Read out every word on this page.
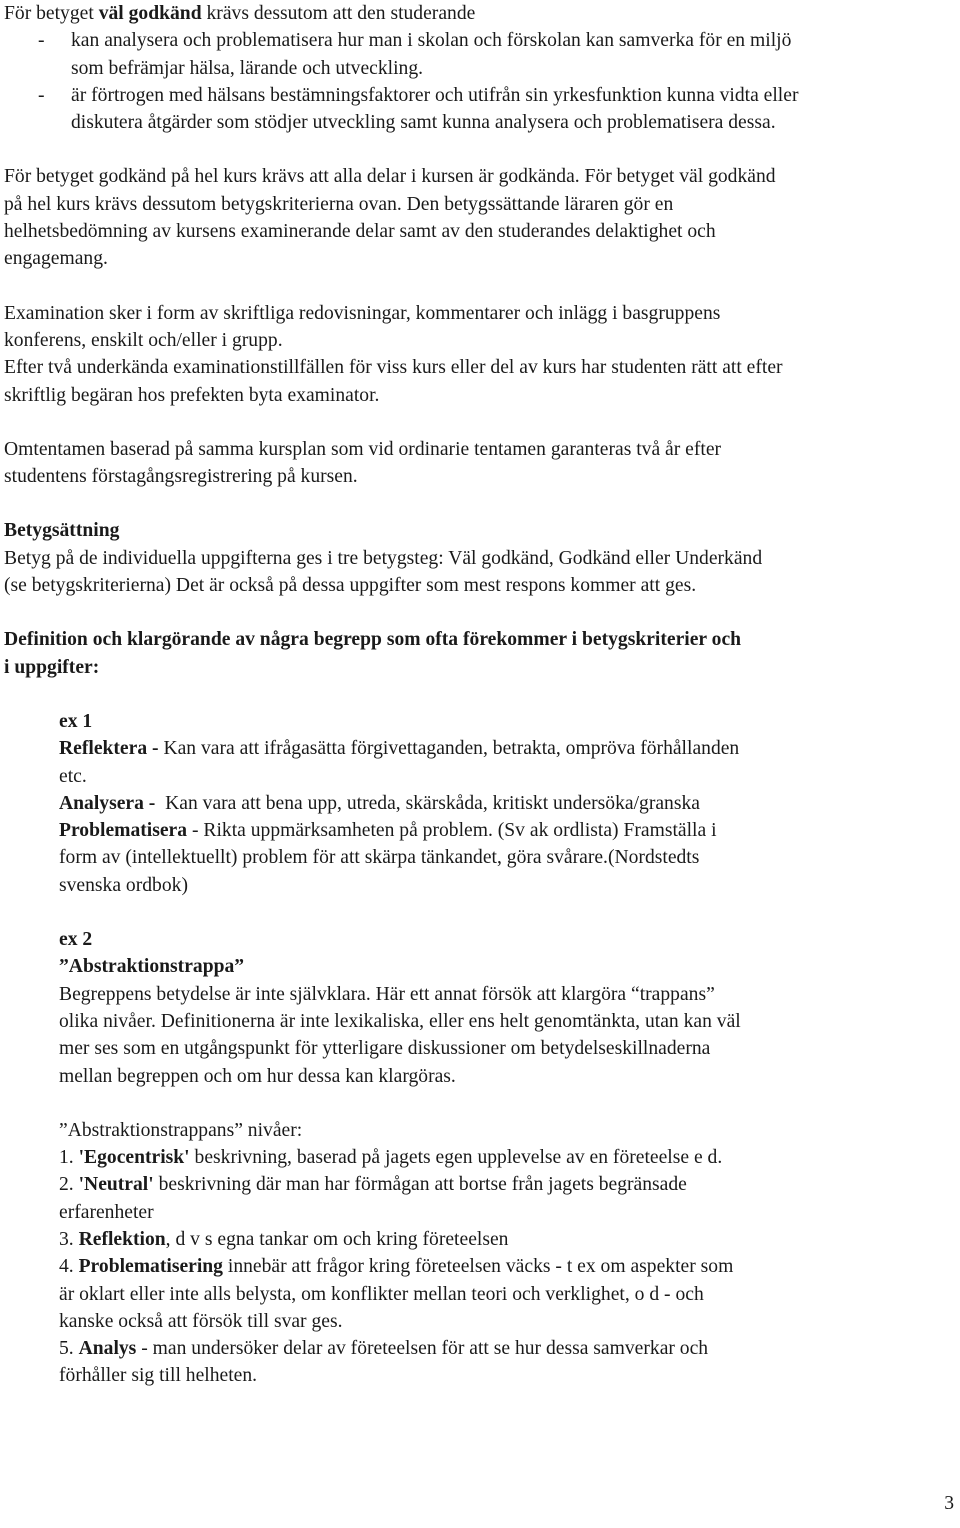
För betyget väl godkänd krävs dessutom att den studerande

-	kan analysera och problematisera hur man i skolan och förskolan kan samverka för en miljö
som befrämjar hälsa, lärande och utveckling.
-	är förtrogen med hälsans bestämningsfaktorer och utifrån sin yrkesfunktion kunna vidta eller
diskutera åtgärder som stödjer utveckling samt kunna analysera och problematisera dessa.

För betyget godkänd på hel kurs krävs att alla delar i kursen är godkända. För betyget väl godkänd

på hel kurs krävs dessutom betygskriterierna ovan. Den betygssättande läraren gör en

helhetsbedömning av kursens examinerande delar samt av den studerandes delaktighet och

engagemang.

Examination sker i form av skriftliga redovisningar, kommentarer och inlägg i basgruppens

konferens, enskilt och/eller i grupp.

Efter två underkända examinationstillfällen för viss kurs eller del av kurs har studenten rätt att efter

skriftlig begäran hos prefekten byta examinator.

Omtentamen baserad på samma kursplan som vid ordinarie tentamen garanteras två år efter

studentens förstagångsregistrering på kursen.

Betygsättning

Betyg på de individuella uppgifterna ges i tre betygsteg: Väl godkänd, Godkänd eller Underkänd

(se betygskriterierna) Det är också på dessa uppgifter som mest respons kommer att ges.

Definition och klargörande av några begrepp som ofta förekommer i betygskriterier och

i uppgifter:

ex 1

Reflektera - Kan vara att ifrågasätta förgivettaganden, betrakta, ompröva förhållanden

etc.

Analysera -  Kan vara att bena upp, utreda, skärskåda, kritiskt undersöka/granska

Problematisera - Rikta uppmärksamheten på problem. (Sv ak ordlista) Framställa i

form av (intellektuellt) problem för att skärpa tänkandet, göra svårare.(Nordstedts

svenska ordbok)

ex 2

”Abstraktionstrappa”

Begreppens betydelse är inte självklara. Här ett annat försök att klargöra “trappans”

olika nivåer. Definitionerna är inte lexikaliska, eller ens helt genomtänkta, utan kan väl

mer ses som en utgångspunkt för ytterligare diskussioner om betydelseskillnaderna

mellan begreppen och om hur dessa kan klargöras.

”Abstraktionstrappans” nivåer:

1. 'Egocentrisk' beskrivning, baserad på jagets egen upplevelse av en företeelse e d.

2. 'Neutral' beskrivning där man har förmågan att bortse från jagets begränsade

erfarenheter

3. Reflektion, d v s egna tankar om och kring företeelsen

4. Problematisering innebär att frågor kring företeelsen väcks - t ex om aspekter som

är oklart eller inte alls belysta, om konflikter mellan teori och verklighet, o d - och

kanske också att försök till svar ges.

5. Analys - man undersöker delar av företeelsen för att se hur dessa samverkar och

förhåller sig till helheten.

3
